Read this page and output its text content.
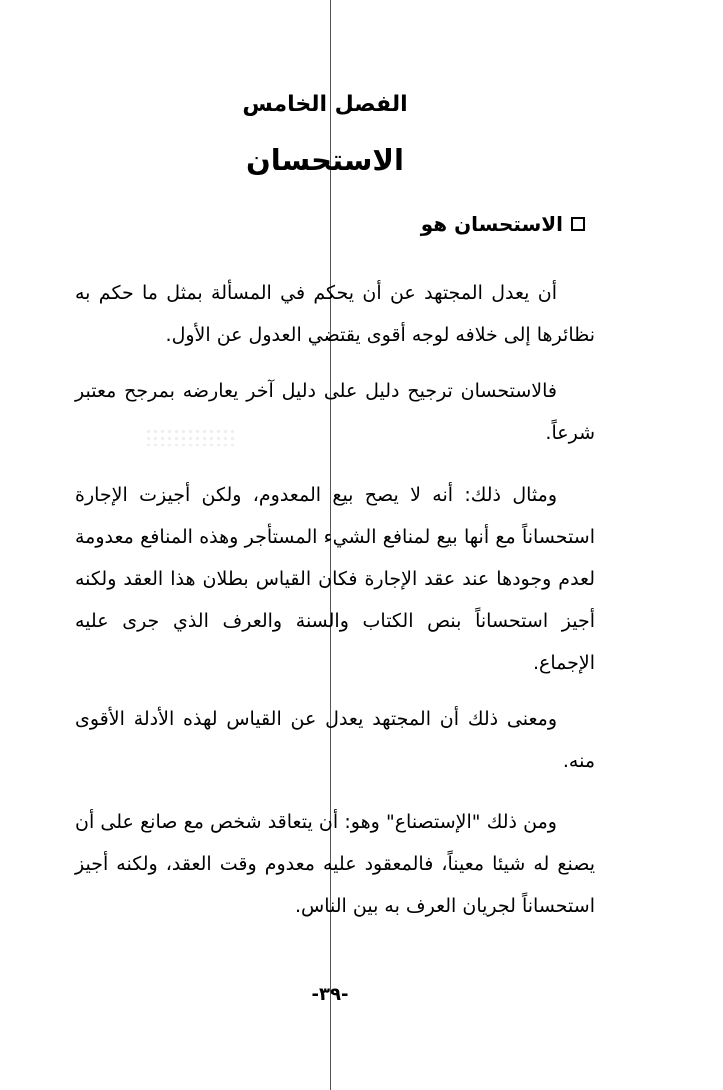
الفصل الخامس
الاستحسان
الاستحسان هو
أن يعدل المجتهد عن أن يحكم في المسألة بمثل ما حكم به نظائرها إلى خلافه لوجه أقوى يقتضي العدول عن الأول.
فالاستحسان ترجيح دليل على دليل آخر يعارضه بمرجح معتبر شرعاً.
ومثال ذلك: أنه لا يصح بيع المعدوم، ولكن أجيزت الإجارة استحساناً مع أنها بيع لمنافع الشيء المستأجر وهذه المنافع معدومة لعدم وجودها عند عقد الإجارة فكان القياس بطلان هذا العقد ولكنه أجيز استحساناً بنص الكتاب والسنة والعرف الذي جرى عليه الإجماع.
ومعنى ذلك أن المجتهد يعدل عن القياس لهذه الأدلة الأقوى منه.
ومن ذلك "الإستصناع" وهو: أن يتعاقد شخص مع صانع على أن يصنع له شيئا معيناً، فالمعقود عليه معدوم وقت العقد، ولكنه أجيز استحساناً لجريان العرف به بين الناس.
-٣٩-
